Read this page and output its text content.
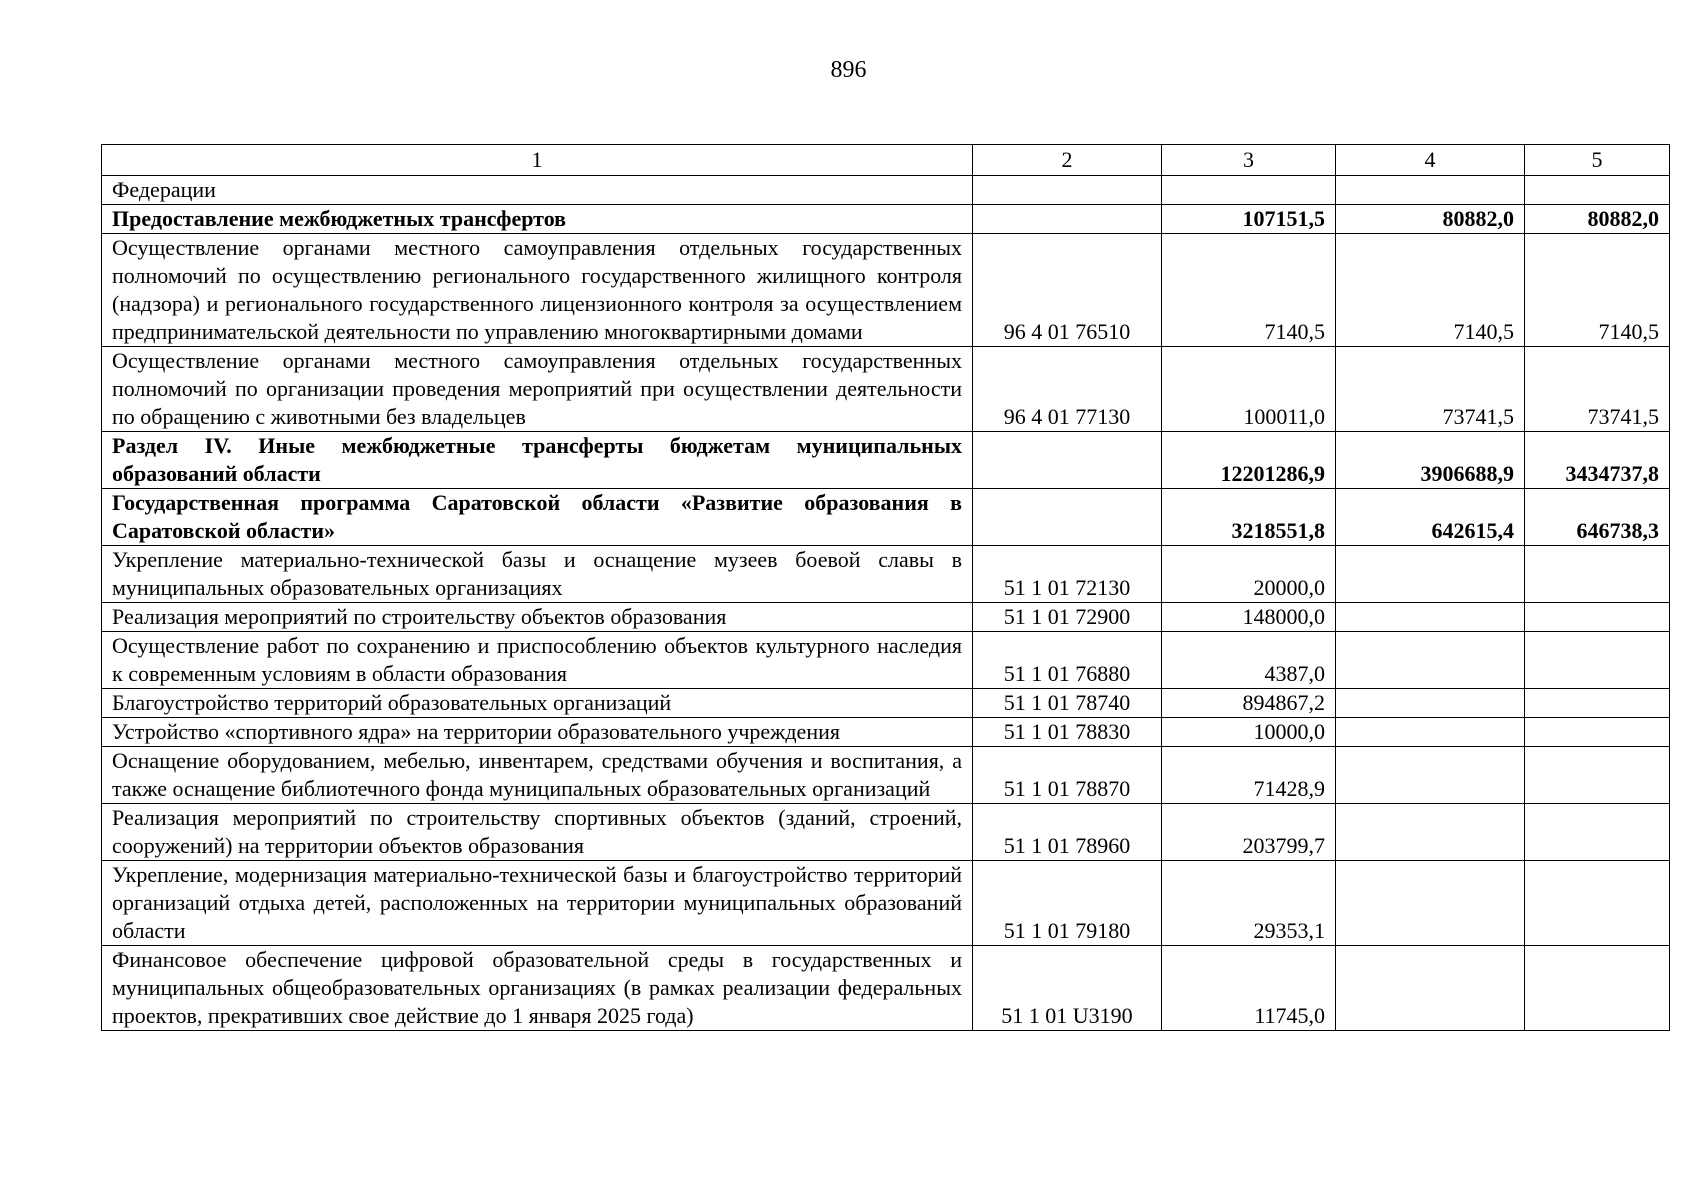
896
1	2	3	4	5
Федерации				
Предоставление межбюджетных трансфертов		107151,5	80882,0	80882,0
Осуществление органами местного самоуправления отдельных государственных полномочий по осуществлению регионального государственного жилищного контроля (надзора) и регионального государственного лицензионного контроля за осуществлением предпринимательской деятельности по управлению многоквартирными домами	96 4 01 76510	7140,5	7140,5	7140,5
Осуществление органами местного самоуправления отдельных государственных полномочий по организации проведения мероприятий при осуществлении деятельности по обращению с животными без владельцев	96 4 01 77130	100011,0	73741,5	73741,5
Раздел IV. Иные межбюджетные трансферты бюджетам муниципальных образований области		12201286,9	3906688,9	3434737,8
Государственная программа Саратовской области «Развитие образования в Саратовской области»		3218551,8	642615,4	646738,3
Укрепление материально-технической базы и оснащение музеев боевой славы в муниципальных образовательных организациях	51 1 01 72130	20000,0		
Реализация мероприятий по строительству объектов образования	51 1 01 72900	148000,0		
Осуществление работ по сохранению и приспособлению объектов культурного наследия к современным условиям в области образования	51 1 01 76880	4387,0		
Благоустройство территорий образовательных организаций	51 1 01 78740	894867,2		
Устройство «спортивного ядра» на территории образовательного учреждения	51 1 01 78830	10000,0		
Оснащение оборудованием, мебелью, инвентарем, средствами обучения и воспитания, а также оснащение библиотечного фонда муниципальных образовательных организаций	51 1 01 78870	71428,9		
Реализация мероприятий по строительству спортивных объектов (зданий, строений, сооружений) на территории объектов образования	51 1 01 78960	203799,7		
Укрепление, модернизация материально-технической базы и благоустройство территорий организаций отдыха детей, расположенных на территории муниципальных образований области	51 1 01 79180	29353,1		
Финансовое обеспечение цифровой образовательной среды в государственных и муниципальных общеобразовательных организациях (в рамках реализации федеральных проектов, прекративших свое действие до 1 января 2025 года)	51 1 01 U3190	11745,0		
